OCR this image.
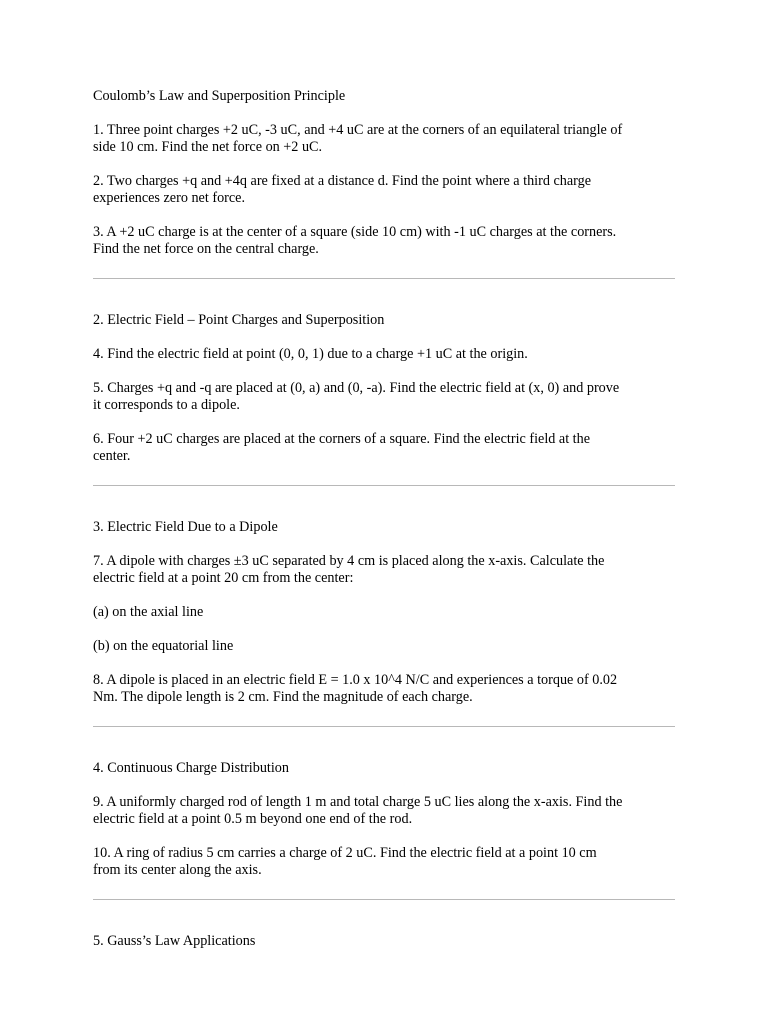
Coulomb’s Law and Superposition Principle

1. Three point charges +2 uC, -3 uC, and +4 uC are at the corners of an equilateral triangle of

side 10 cm. Find the net force on +2 uC.

2. Two charges +q and +4q are fixed at a distance d. Find the point where a third charge

experiences zero net force.

3. A +2 uC charge is at the center of a square (side 10 cm) with -1 uC charges at the corners.

Find the net force on the central charge.

2. Electric Field – Point Charges and Superposition

4. Find the electric field at point (0, 0, 1) due to a charge +1 uC at the origin.

5. Charges +q and -q are placed at (0, a) and (0, -a). Find the electric field at (x, 0) and prove

it corresponds to a dipole.

6. Four +2 uC charges are placed at the corners of a square. Find the electric field at the

center.

3. Electric Field Due to a Dipole

7. A dipole with charges ±3 uC separated by 4 cm is placed along the x-axis. Calculate the

electric field at a point 20 cm from the center:

(a) on the axial line

(b) on the equatorial line

8. A dipole is placed in an electric field E = 1.0 x 10^4 N/C and experiences a torque of 0.02

Nm. The dipole length is 2 cm. Find the magnitude of each charge.

4. Continuous Charge Distribution

9. A uniformly charged rod of length 1 m and total charge 5 uC lies along the x-axis. Find the

electric field at a point 0.5 m beyond one end of the rod.

10. A ring of radius 5 cm carries a charge of 2 uC. Find the electric field at a point 10 cm

from its center along the axis.

5. Gauss’s Law Applications
